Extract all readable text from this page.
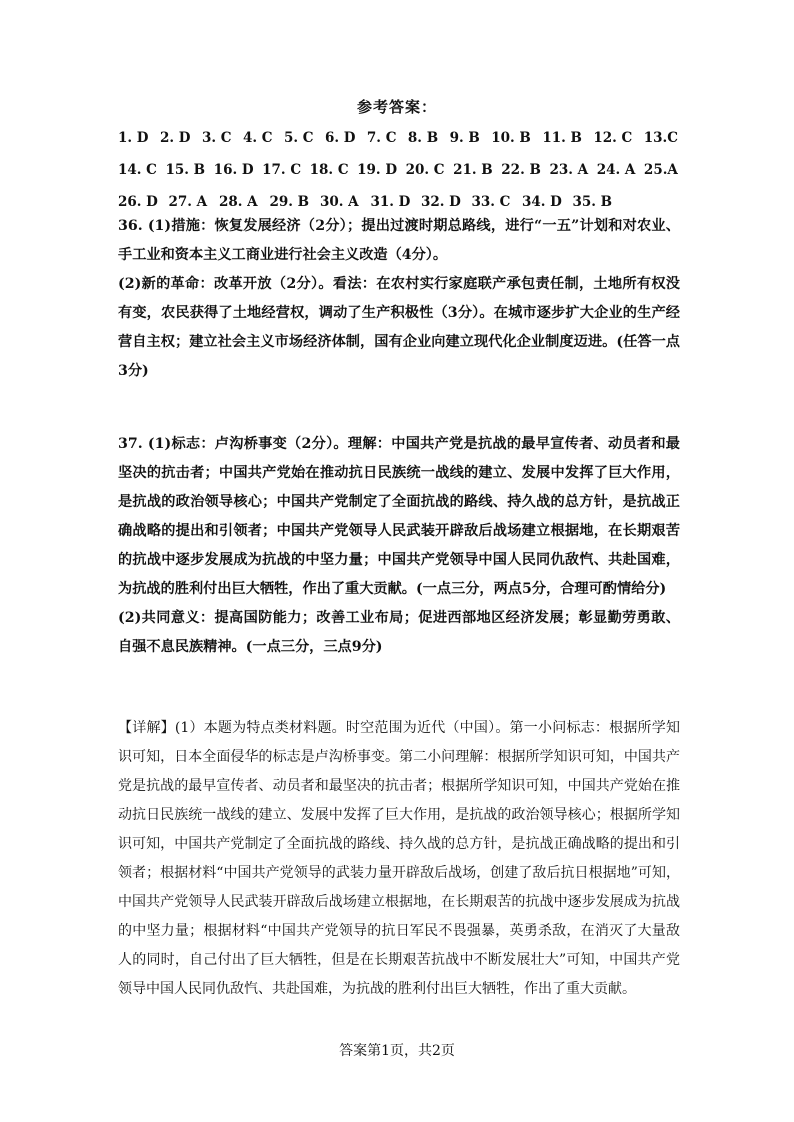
参考答案：
1. D 2. D 3. C 4. C 5. C 6. D 7. C 8. B 9. B 10. B 11. B 12. C 13.C
14. C 15. B 16. D 17. C 18. C 19. D 20. C 21. B 22. B 23. A 24. A 25.A
26. D 27. A 28. A 29. B 30. A 31. D 32. D 33. C 34. D 35. B

36. (1)措施：恢复发展经济（2分）；提出过渡时期总路线，进行“一五”计划和对农业、手工业和资本主义工商业进行社会主义改造（4分）。

(2)新的革命：改革开放（2分）。看法：在农村实行家庭联产承包责任制，土地所有权没有变，农民获得了土地经营权，调动了生产积极性（3分）。在城市逐步扩大企业的生产经营自主权；建立社会主义市场经济体制，国有企业向建立现代化企业制度迈进。(任答一点3分)

37. (1)标志：卢沟桥事变（2分）。理解：中国共产党是抗战的最早宣传者、动员者和最坚决的抗击者；中国共产党始在推动抗日民族统一战线的建立、发展中发挥了巨大作用，是抗战的政治领导核心；中国共产党制定了全面抗战的路线、持久战的总方针，是抗战正确战略的提出和引领者；中国共产党领导人民武装开辟敌后战场建立根据地，在长期艰苦的抗战中逐步发展成为抗战的中坚力量；中国共产党领导中国人民同仇敌忾、共赴国难，为抗战的胜利付出巨大牺牲，作出了重大贡献。(一点三分，两点5分，合理可酌情给分)

(2)共同意义：提高国防能力；改善工业布局；促进西部地区经济发展；彰显勤劳勇敢、自强不息民族精神。(一点三分，三点9分)

【详解】(1）本题为特点类材料题。时空范围为近代（中国）。第一小问标志：根据所学知识可知，日本全面侵华的标志是卢沟桥事变。第二小问理解：根据所学知识可知，中国共产党是抗战的最早宣传者、动员者和最坚决的抗击者；根据所学知识可知，中国共产党始在推动抗日民族统一战线的建立、发展中发挥了巨大作用，是抗战的政治领导核心；根据所学知识可知，中国共产党制定了全面抗战的路线、持久战的总方针，是抗战正确战略的提出和引领者；根据材料“中国共产党领导的武装力量开辟敌后战场，创建了敌后抗日根据地”可知，中国共产党领导人民武装开辟敌后战场建立根据地，在长期艰苦的抗战中逐步发展成为抗战的中坚力量；根据材料“中国共产党领导的抗日军民不畏强暴，英勇杀敌，在消灭了大量敌人的同时，自己付出了巨大牺牲，但是在长期艰苦抗战中不断发展壮大”可知，中国共产党领导中国人民同仇敌忾、共赴国难，为抗战的胜利付出巨大牺牲，作出了重大贡献。

答案第1页，共2页
